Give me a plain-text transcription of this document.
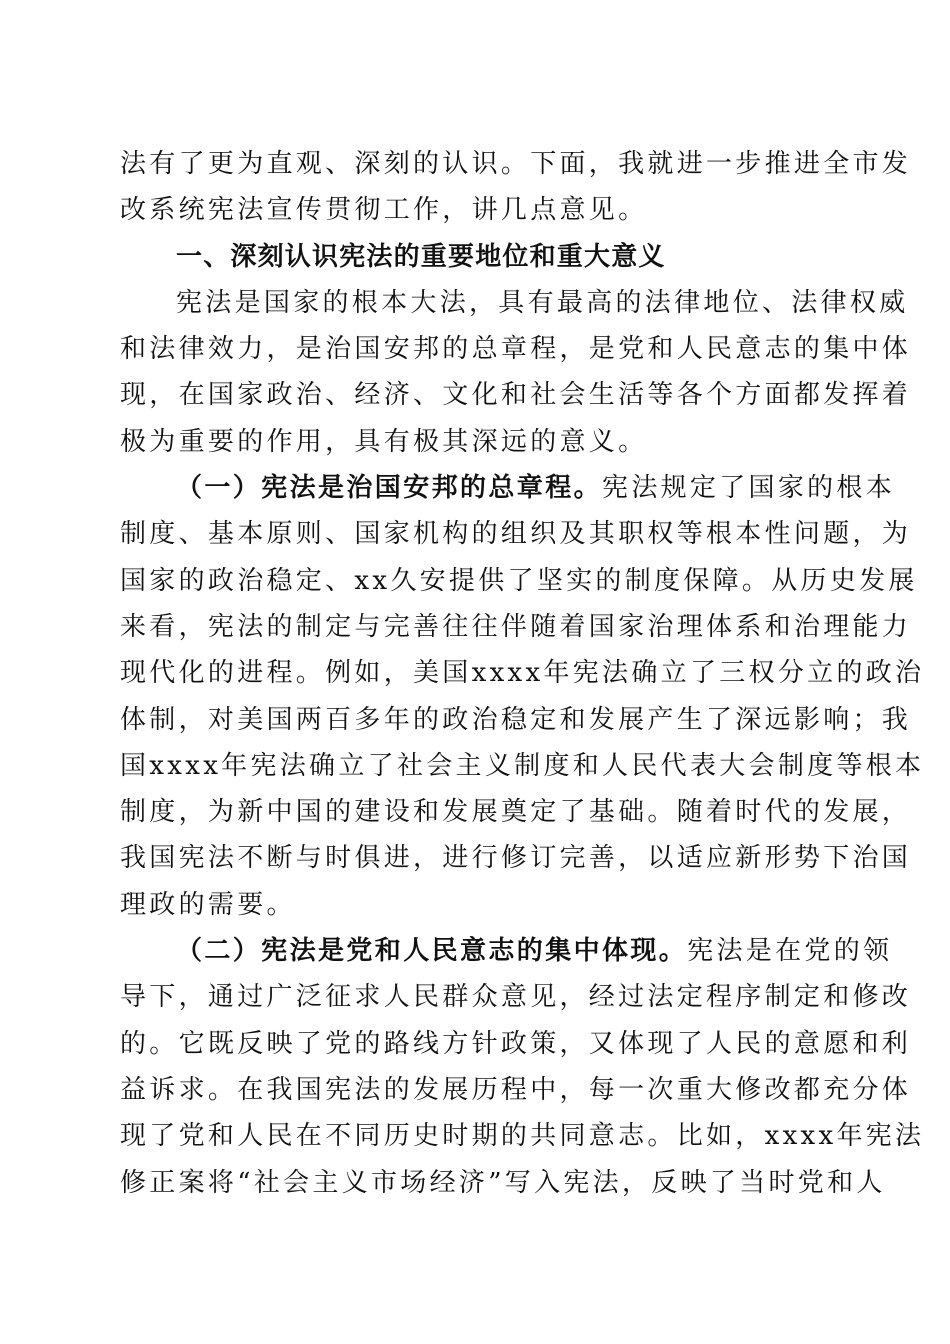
法有了更为直观、深刻的认识。下面，我就进一步推进全市发
改系统宪法宣传贯彻工作，讲几点意见。
一、深刻认识宪法的重要地位和重大意义
宪法是国家的根本大法，具有最高的法律地位、法律权威
和法律效力，是治国安邦的总章程，是党和人民意志的集中体
现，在国家政治、经济、文化和社会生活等各个方面都发挥着
极为重要的作用，具有极其深远的意义。
（一）宪法是治国安邦的总章程。宪法规定了国家的根本
制度、基本原则、国家机构的组织及其职权等根本性问题，为
国家的政治稳定、xx久安提供了坚实的制度保障。从历史发展
来看，宪法的制定与完善往往伴随着国家治理体系和治理能力
现代化的进程。例如，美国xxxx年宪法确立了三权分立的政治
体制，对美国两百多年的政治稳定和发展产生了深远影响；我
国xxxx年宪法确立了社会主义制度和人民代表大会制度等根本
制度，为新中国的建设和发展奠定了基础。随着时代的发展，
我国宪法不断与时俱进，进行修订完善，以适应新形势下治国
理政的需要。
（二）宪法是党和人民意志的集中体现。宪法是在党的领
导下，通过广泛征求人民群众意见，经过法定程序制定和修改
的。它既反映了党的路线方针政策，又体现了人民的意愿和利
益诉求。在我国宪法的发展历程中，每一次重大修改都充分体
现了党和人民在不同历史时期的共同意志。比如，xxxx年宪法
修正案将“社会主义市场经济”写入宪法，反映了当时党和人
